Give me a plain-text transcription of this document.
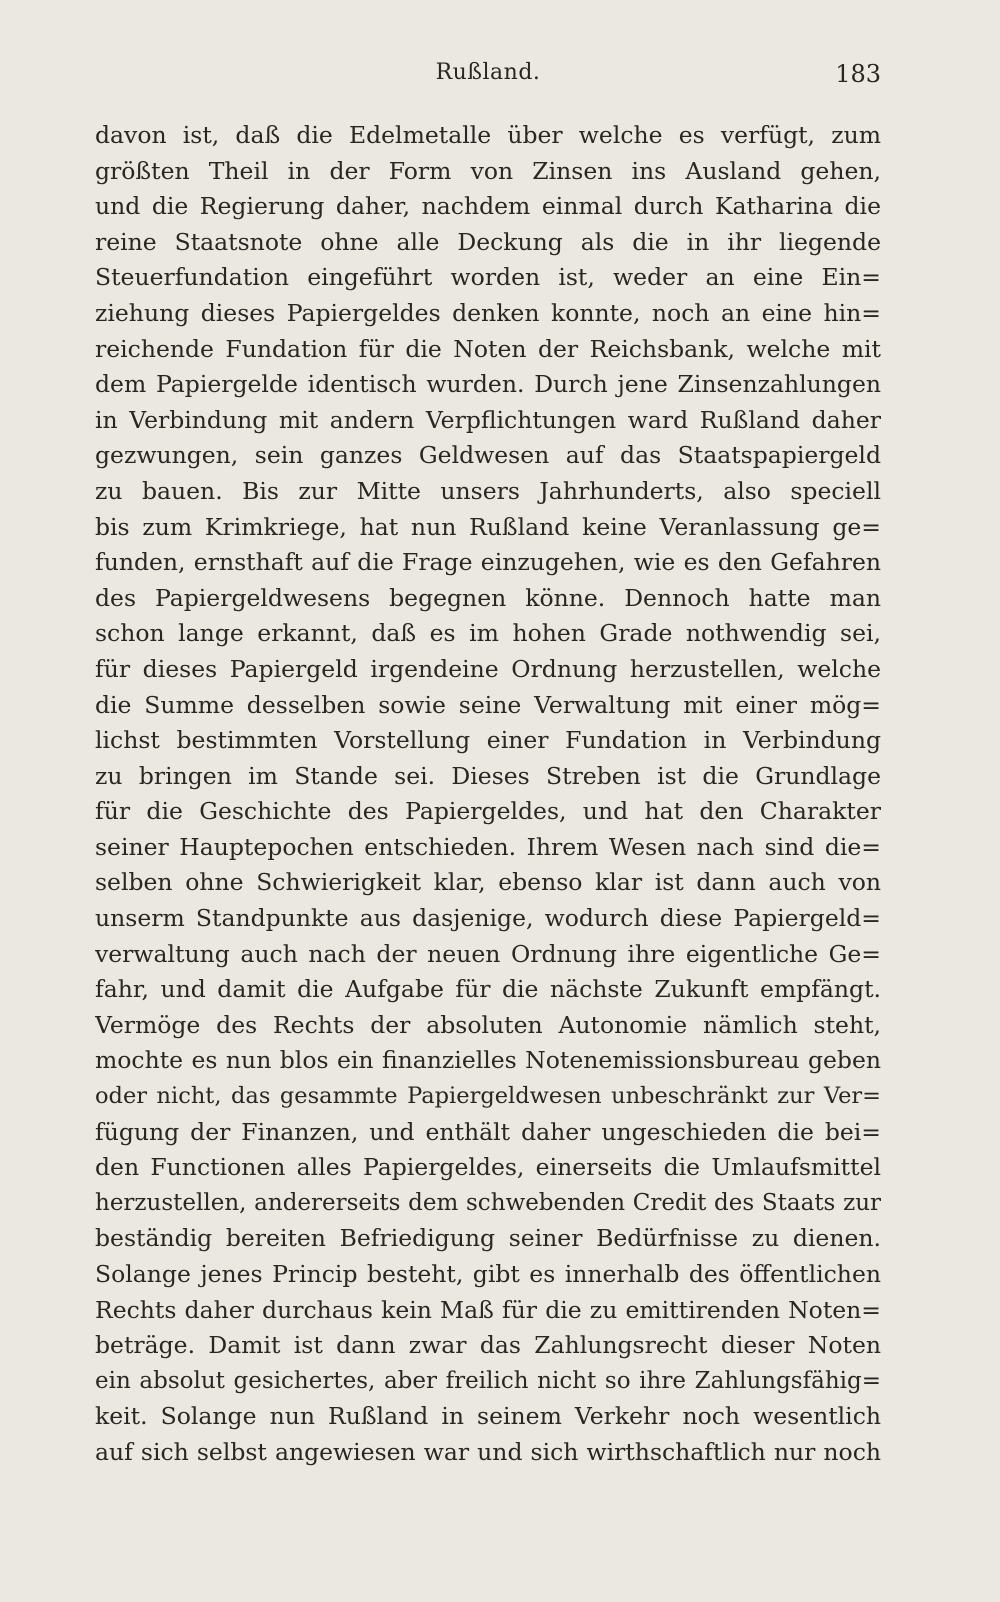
Rußland.	183
davon ist, daß die Edelmetalle über welche es verfügt, zum
größten Theil in der Form von Zinsen ins Ausland gehen,
und die Regierung daher, nachdem einmal durch Katharina die
reine Staatsnote ohne alle Deckung als die in ihr liegende
Steuerfundation eingeführt worden ist, weder an eine Ein=
ziehung dieses Papiergeldes denken konnte, noch an eine hin=
reichende Fundation für die Noten der Reichsbank, welche mit
dem Papiergelde identisch wurden. Durch jene Zinsenzahlungen
in Verbindung mit andern Verpflichtungen ward Rußland daher
gezwungen, sein ganzes Geldwesen auf das Staatspapiergeld
zu bauen. Bis zur Mitte unsers Jahrhunderts, also speciell
bis zum Krimkriege, hat nun Rußland keine Veranlassung ge=
funden, ernsthaft auf die Frage einzugehen, wie es den Gefahren
des Papiergeldwesens begegnen könne. Dennoch hatte man
schon lange erkannt, daß es im hohen Grade nothwendig sei,
für dieses Papiergeld irgendeine Ordnung herzustellen, welche
die Summe desselben sowie seine Verwaltung mit einer mög=
lichst bestimmten Vorstellung einer Fundation in Verbindung
zu bringen im Stande sei. Dieses Streben ist die Grundlage
für die Geschichte des Papiergeldes, und hat den Charakter
seiner Hauptepochen entschieden. Ihrem Wesen nach sind die=
selben ohne Schwierigkeit klar, ebenso klar ist dann auch von
unserm Standpunkte aus dasjenige, wodurch diese Papiergeld=
verwaltung auch nach der neuen Ordnung ihre eigentliche Ge=
fahr, und damit die Aufgabe für die nächste Zukunft empfängt.
Vermöge des Rechts der absoluten Autonomie nämlich steht,
mochte es nun blos ein finanzielles Notenemissionsbureau geben
oder nicht, das gesammte Papiergeldwesen unbeschränkt zur Ver=
fügung der Finanzen, und enthält daher ungeschieden die bei=
den Functionen alles Papiergeldes, einerseits die Umlaufsmittel
herzustellen, andererseits dem schwebenden Credit des Staats zur
beständig bereiten Befriedigung seiner Bedürfnisse zu dienen.
Solange jenes Princip besteht, gibt es innerhalb des öffentlichen
Rechts daher durchaus kein Maß für die zu emittirenden Noten=
beträge. Damit ist dann zwar das Zahlungsrecht dieser Noten
ein absolut gesichertes, aber freilich nicht so ihre Zahlungsfähig=
keit. Solange nun Rußland in seinem Verkehr noch wesentlich
auf sich selbst angewiesen war und sich wirthschaftlich nur noch
